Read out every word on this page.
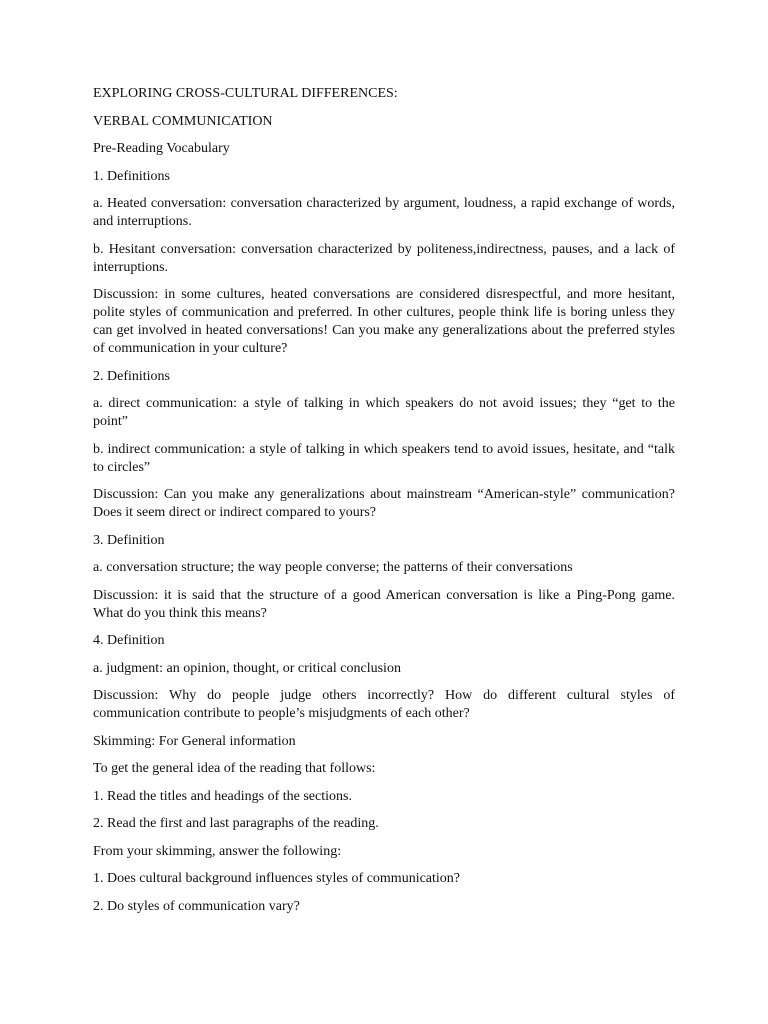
EXPLORING CROSS-CULTURAL DIFFERENCES:

VERBAL COMMUNICATION

Pre-Reading Vocabulary

1. Definitions

a. Heated conversation: conversation characterized by argument, loudness, a rapid exchange of words, and interruptions.

b. Hesitant conversation: conversation characterized by politeness,indirectness, pauses, and a lack of interruptions.

Discussion: in some cultures, heated conversations are considered disrespectful, and more hesitant, polite styles of communication and preferred. In other cultures, people think life is boring unless they can get involved in heated conversations! Can you make any generalizations about the preferred styles of communication in your culture?

2. Definitions

a. direct communication: a style of talking in which speakers do not avoid issues; they “get to the point”

b. indirect communication: a style of talking in which speakers tend to avoid issues, hesitate, and “talk to circles”

Discussion: Can you make any generalizations about mainstream “American-style” communication? Does it seem direct or indirect compared to yours?

3. Definition

a. conversation structure; the way people converse; the patterns of their conversations

Discussion: it is said that the structure of a good American conversation is like a Ping-Pong game. What do you think this means?

4. Definition

a. judgment: an opinion, thought, or critical conclusion

Discussion: Why do people judge others incorrectly? How do different cultural styles of communication contribute to people’s misjudgments of each other?

Skimming: For General information

To get the general idea of the reading that follows:

1. Read the titles and headings of the sections.

2. Read the first and last paragraphs of the reading.

From your skimming, answer the following:

1. Does cultural background influences styles of communication?

2. Do styles of communication vary?
